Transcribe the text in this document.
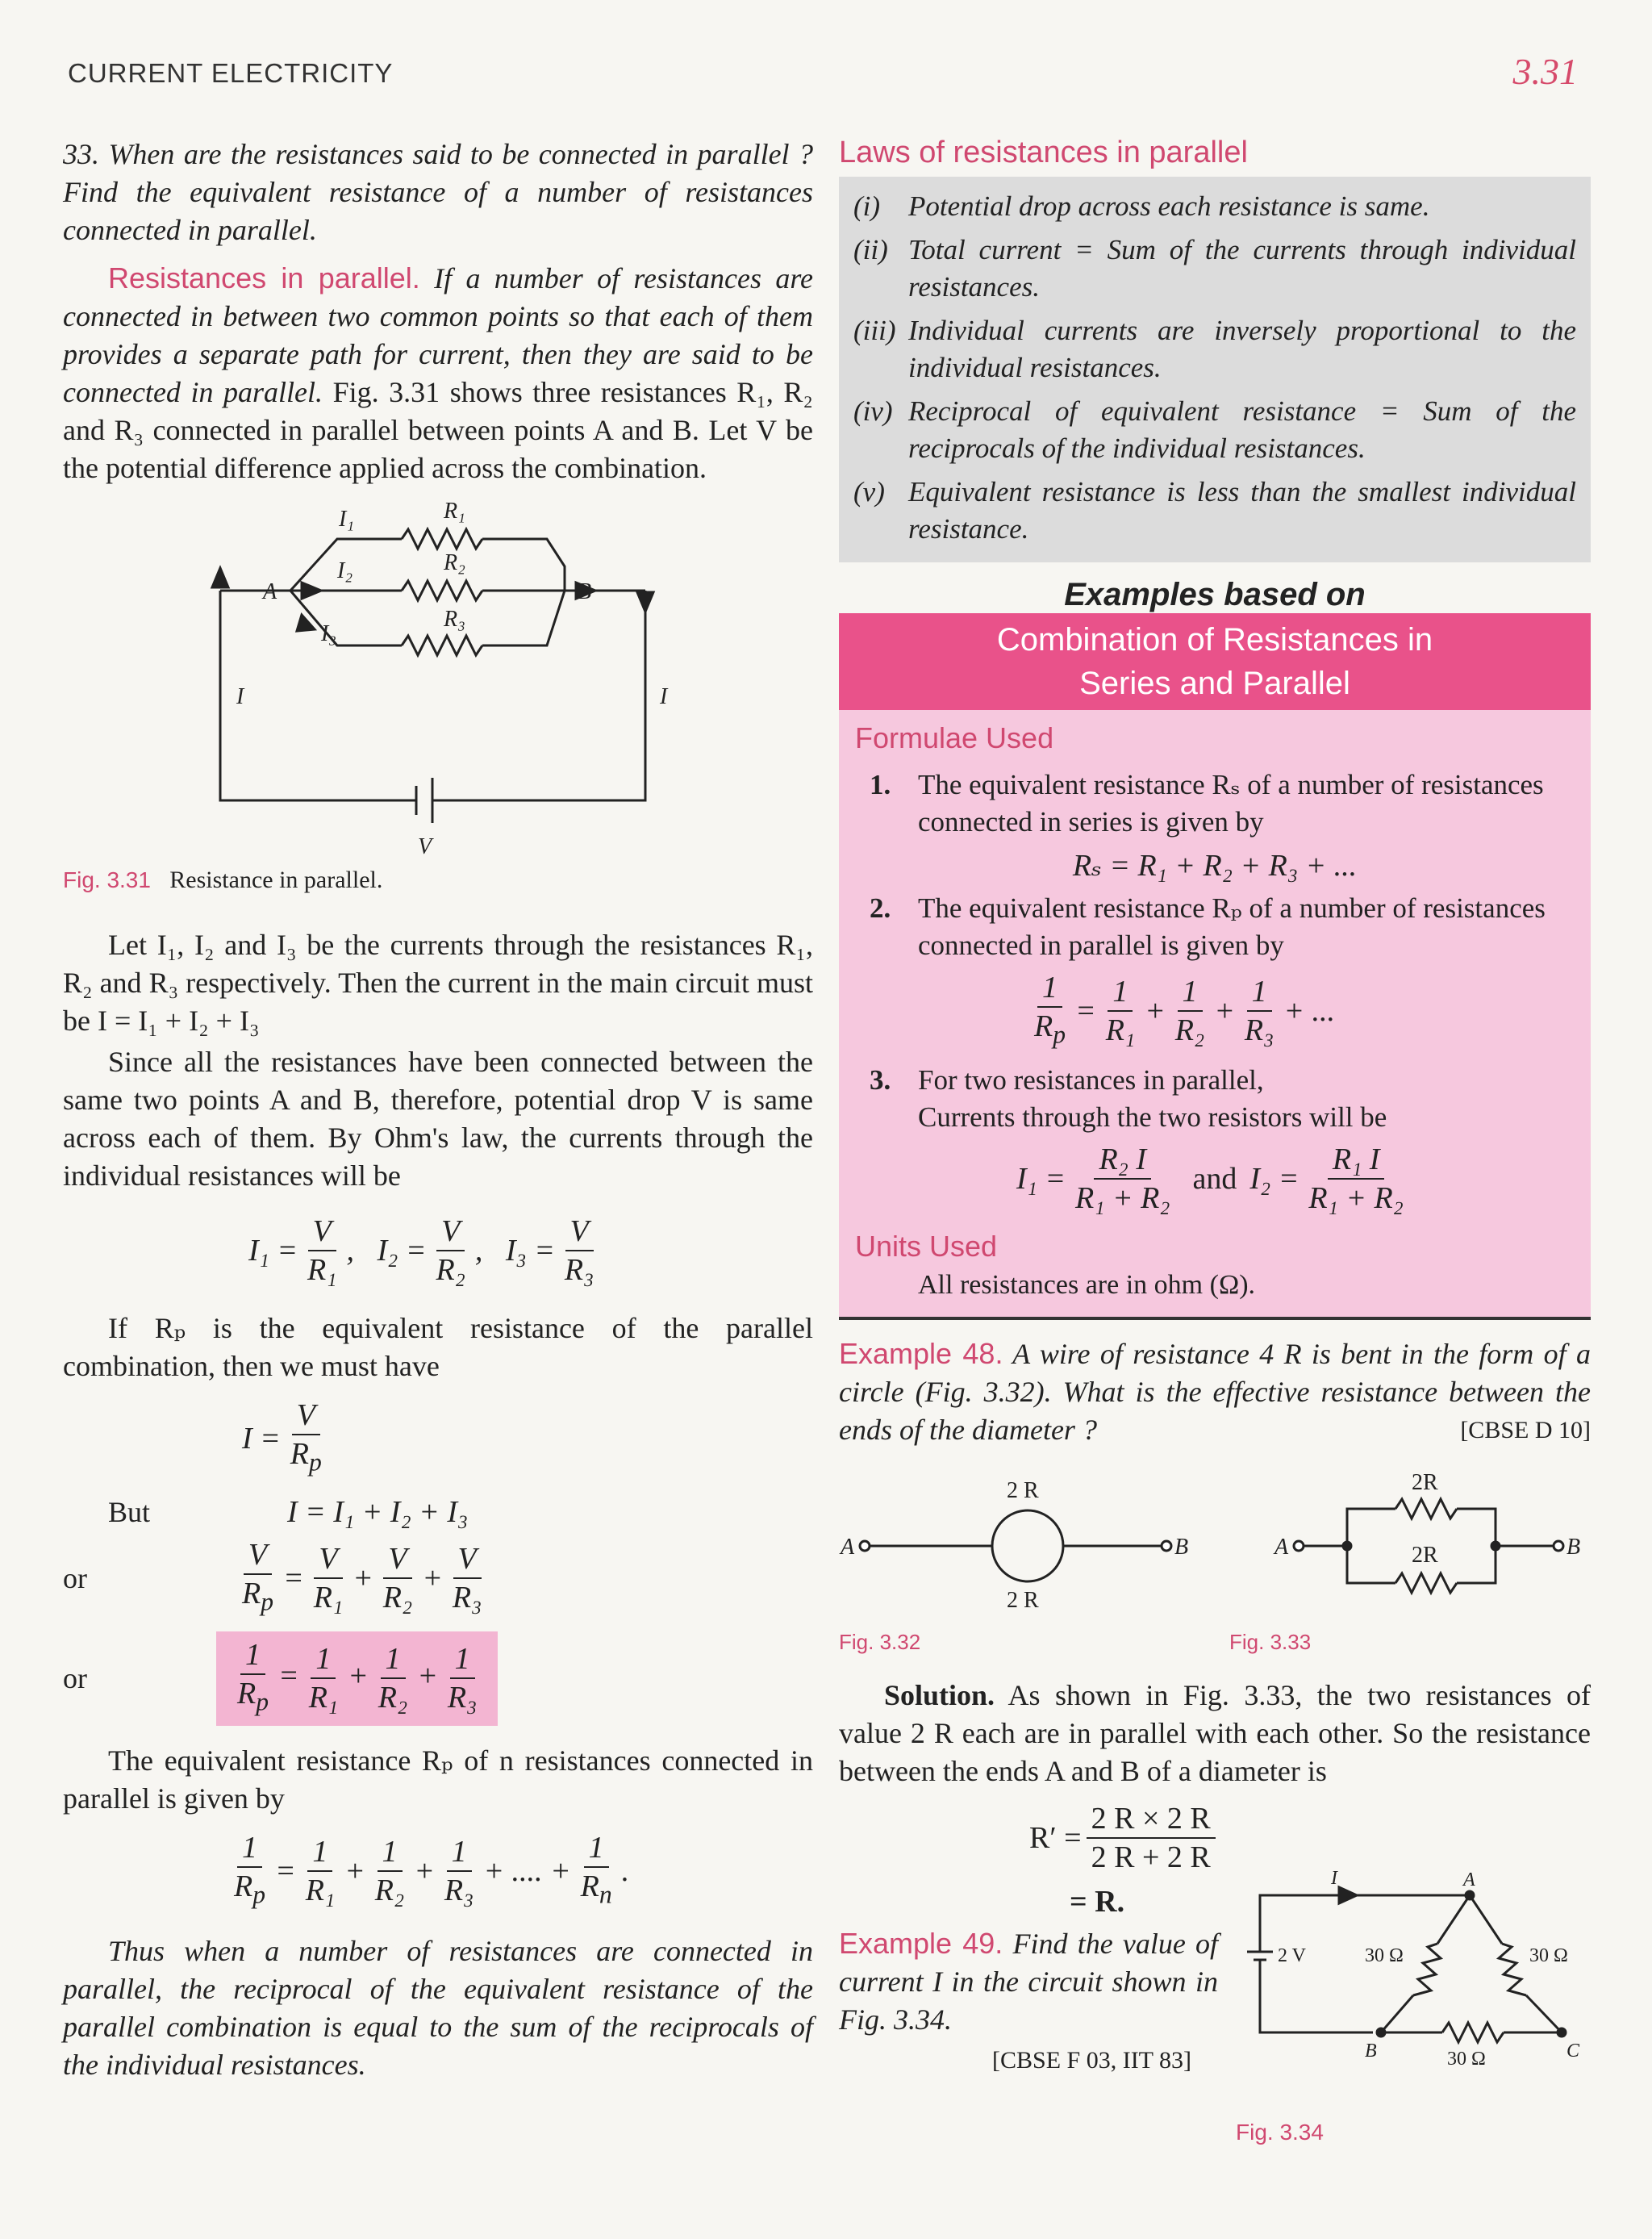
CURRENT ELECTRICITY	3.31

33. When are the resistances said to be connected in parallel ? Find the equivalent resistance of a number of resistances connected in parallel.

Resistances in parallel. If a number of resistances are connected in between two common points so that each of them provides a separate path for current, then they are said to be connected in parallel. Fig. 3.31 shows three resistances R₁, R₂ and R₃ connected in parallel between points A and B. Let V be the potential difference applied across the combination.

R₁
R₂
R₃
I₁
I₂
I₃
I	I
A	B
V
Fig. 3.31 Resistance in parallel.

Let I₁, I₂ and I₃ be the currents through the resistances R₁, R₂ and R₃ respectively. Then the current in the main circuit must be I = I₁ + I₂ + I₃

Since all the resistances have been connected between the same two points A and B, therefore, potential drop V is same across each of them. By Ohm's law, the currents through the individual resistances will be

$I_1 = \frac{V}{\text{R₁}}$ ,   $I_2 = \frac{V}{\text{R₂}}$ ,   $I_3 = \frac{V}{\text{R₃}}$

If Rₚ is the equivalent resistance of the parallel combination, then we must have

$I = \frac{V}{R_p}$
But	I = I₁ + I₂ + I₃
or	$\frac{V}{R_p} = \frac{V}{\text{R₁}} + \frac{V}{\text{R₂}} + \frac{V}{\text{R₃}}$
or	$\frac{1}{R_p} = \frac{1}{\text{R₁}} + \frac{1}{\text{R₂}} + \frac{1}{\text{R₃}}$

The equivalent resistance Rₚ of n resistances connected in parallel is given by

$\frac{1}{R_p} = \frac{1}{\text{R₁}} + \frac{1}{\text{R₂}} + \frac{1}{\text{R₃}}$ + .... + $\frac{1}{R_n}$ .

Thus when a number of resistances are connected in parallel, the reciprocal of the equivalent resistance of the parallel combination is equal to the sum of the reciprocals of the individual resistances.

Laws of resistances in parallel
(i) Potential drop across each resistance is same.
(ii) Total current = Sum of the currents through individual resistances.
(iii) Individual currents are inversely proportional to the individual resistances.
(iv) Reciprocal of equivalent resistance = Sum of the reciprocals of the individual resistances.
(v) Equivalent resistance is less than the smallest individual resistance.
Examples based on
Combination of Resistances in
Series and Parallel
Formulae Used
1. The equivalent resistance Rₛ of a number of resistances connected in series is given by
Rₛ = R₁ + R₂ + R₃ + ...
2. The equivalent resistance Rₚ of a number of resistances connected in parallel is given by
$\frac{1}{R_p} = \frac{1}{\text{R₁}} + \frac{1}{\text{R₂}} + \frac{1}{\text{R₃}}$ + ...
3. For two resistances in parallel,
Currents through the two resistors will be
$I_1 = \frac{\text{R₂ I}}{\text{R₁ + R₂}}$ and $I_2 = \frac{\text{R₁ I}}{\text{R₁ + R₂}}$
Units Used
All resistances are in ohm (Ω).

Example 48. A wire of resistance 4 R is bent in the form of a circle (Fig. 3.32). What is the effective resistance between the ends of the diameter ?	[CBSE D 10]

A	B
2 R
2 R
A	B
2R
2R
Fig. 3.32	Fig. 3.33

Solution. As shown in Fig. 3.33, the two resistances of value 2 R each are in parallel with each other. So the resistance between the ends A and B of a diameter is

$R' = \frac{2 R \times 2 R}{2 R + 2 R}$
= R.

Example 49. Find the value of current I in the circuit shown in Fig. 3.34.

[CBSE F 03, IIT 83]
I	A
B	C
2 V	30 Ω	30 Ω
30 Ω
Fig. 3.34
